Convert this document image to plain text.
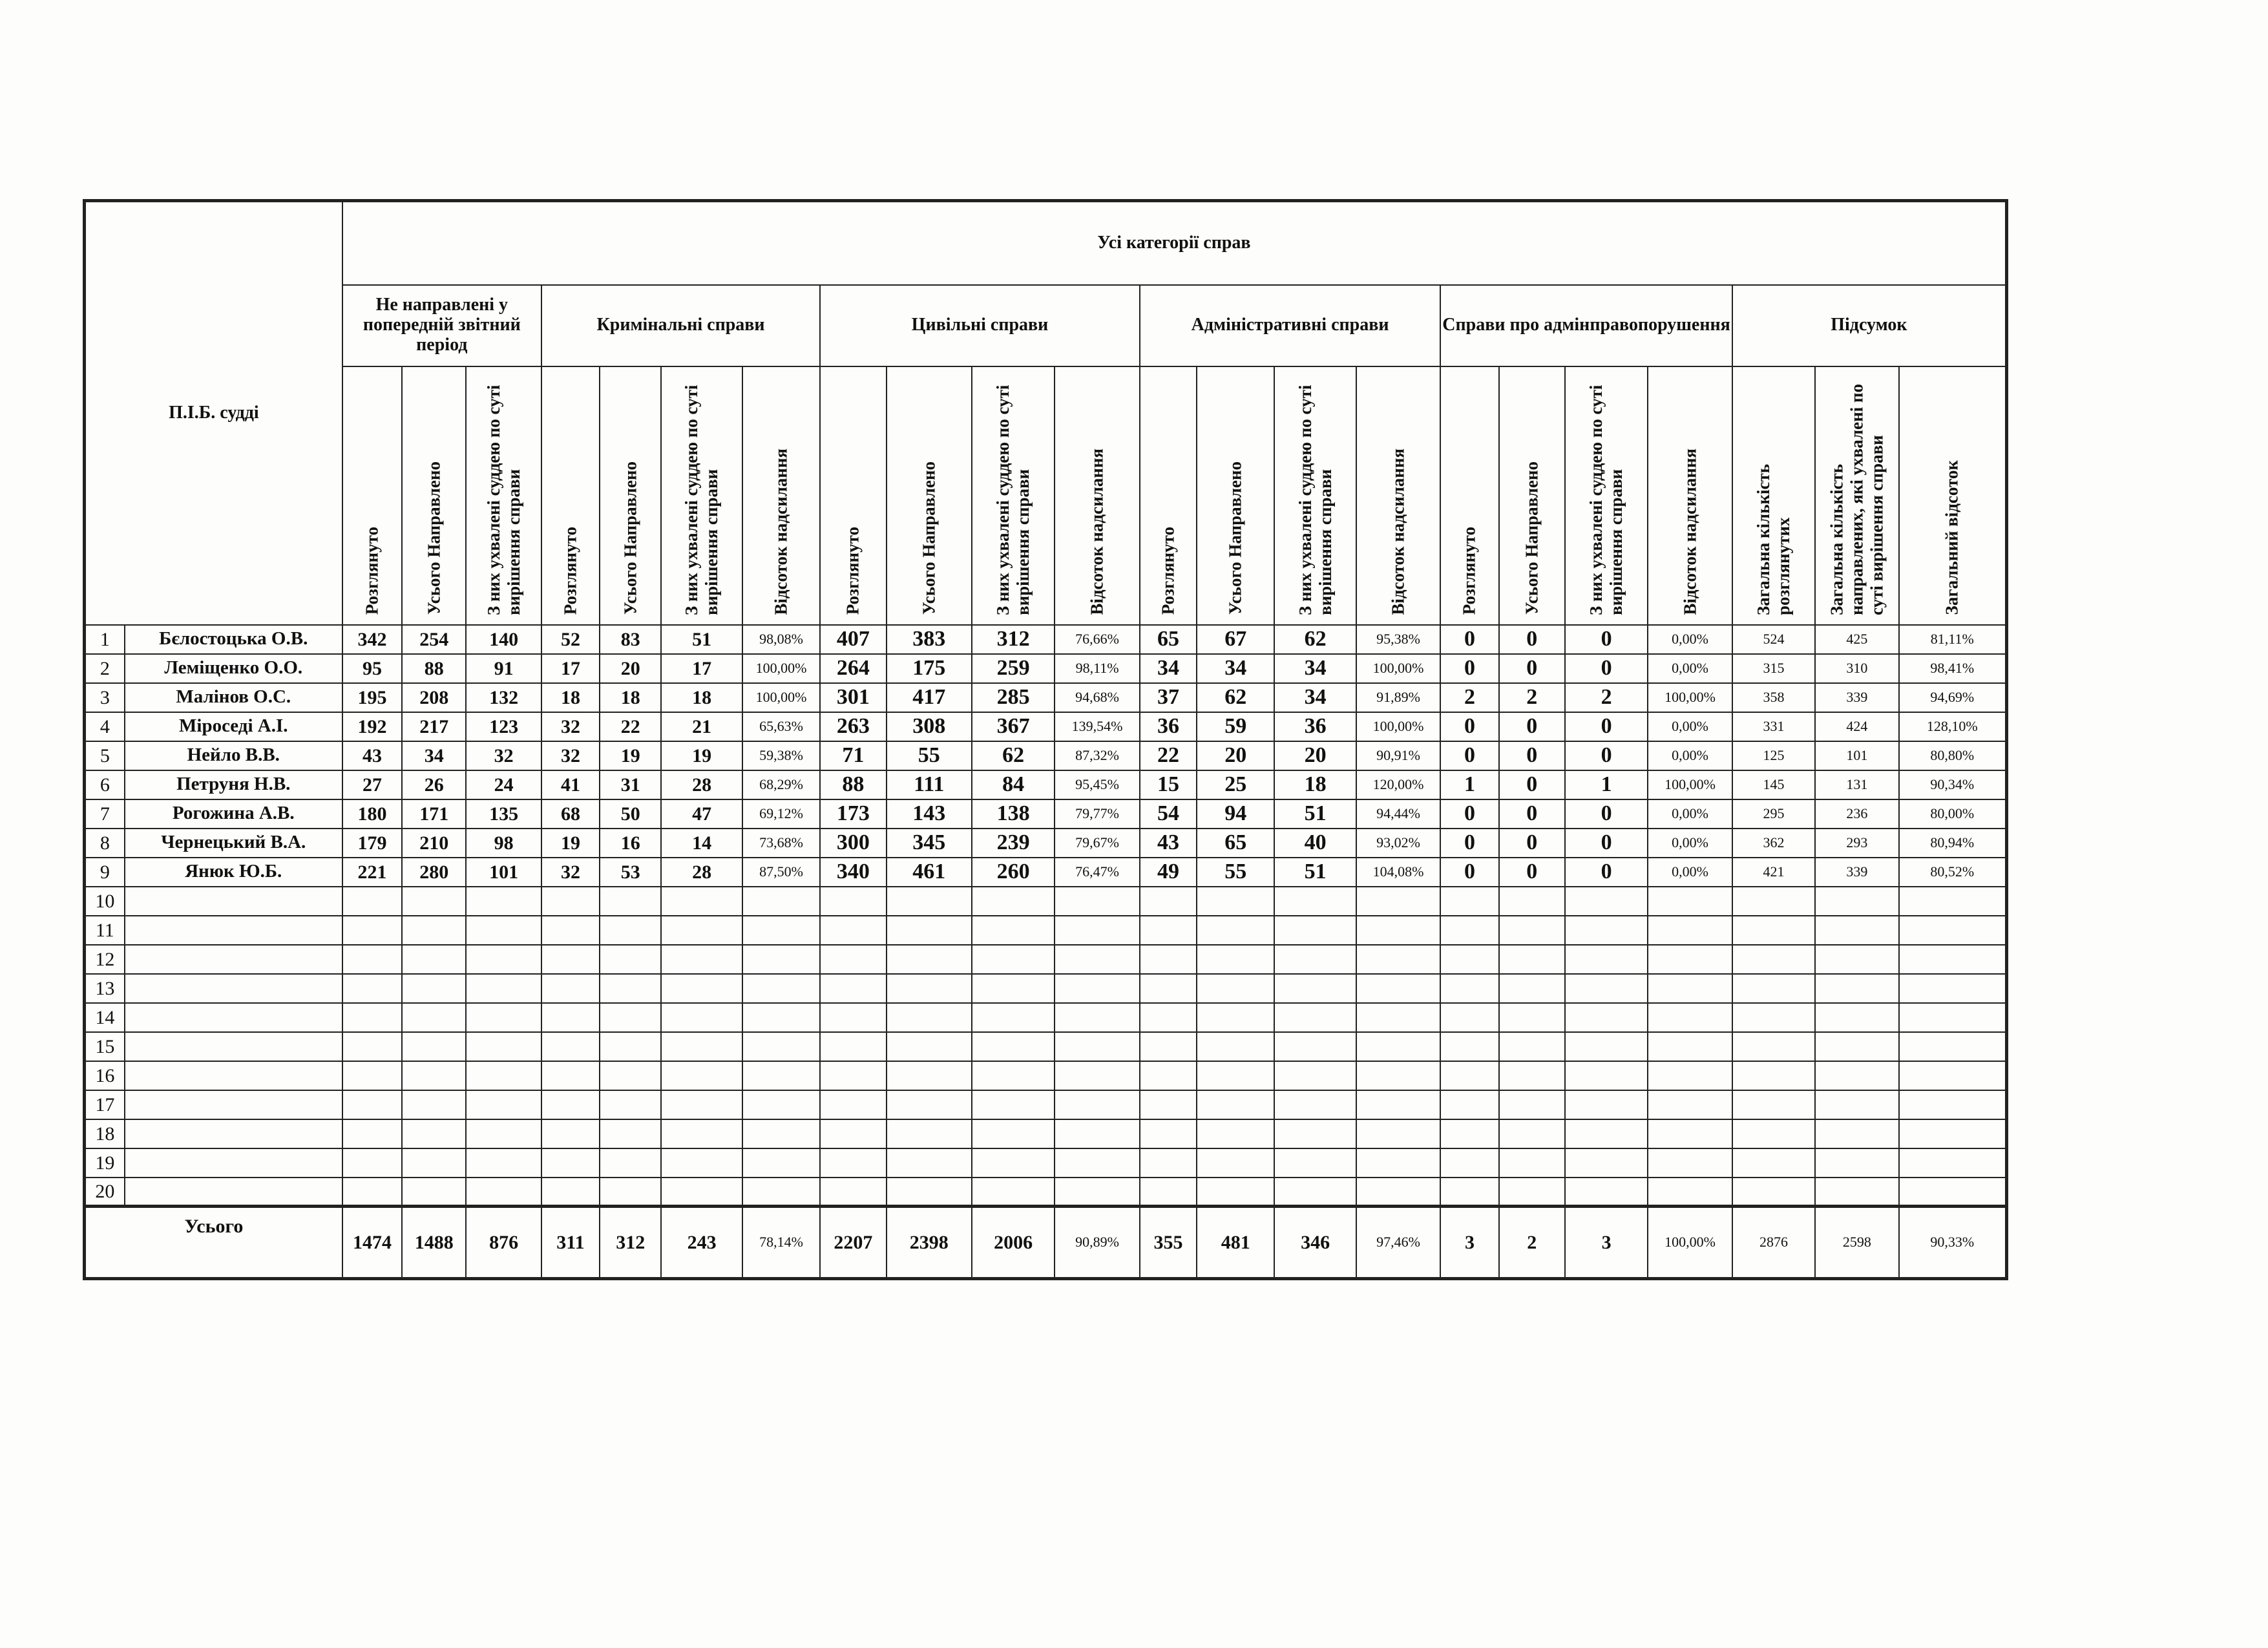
П.І.Б. судді		Усі категорії справ																					
		Не направлені у попередній звітний період			Кримінальні справи				Цивільні справи				Адміністративні справи				Справи про адмінправопорушення				Підсумок		

		Розглянуто	Усього Направлено	З них ухвалені суддею по суті вирішення справи	Розглянуто	Усього Направлено	З них ухвалені суддею по суті вирішення справи	Відсоток надсилання	Розглянуто	Усього Направлено	З них ухвалені суддею по суті вирішення справи	Відсоток надсилання	Розглянуто	Усього Направлено	З них ухвалені суддею по суті вирішення справи	Відсоток надсилання	Розглянуто	Усього Направлено	З них ухвалені суддею по суті вирішення справи	Відсоток надсилання	Загальна кількість розглянутих	Загальна кількість направлених, які ухвалені по суті вирішення справи	Загальний відсоток

1	Бєлостоцька О.В.	342	254	140	52	83	51	98,08%	407	383	312	76,66%	65	67	62	95,38%	0	0	0	0,00%	524	425	81,11%
2	Леміщенко О.О.	95	88	91	17	20	17	100,00%	264	175	259	98,11%	34	34	34	100,00%	0	0	0	0,00%	315	310	98,41%
3	Малінов О.С.	195	208	132	18	18	18	100,00%	301	417	285	94,68%	37	62	34	91,89%	2	2	2	100,00%	358	339	94,69%
4	Міроседі А.І.	192	217	123	32	22	21	65,63%	263	308	367	139,54%	36	59	36	100,00%	0	0	0	0,00%	331	424	128,10%
5	Нейло В.В.	43	34	32	32	19	19	59,38%	71	55	62	87,32%	22	20	20	90,91%	0	0	0	0,00%	125	101	80,80%
6	Петруня Н.В.	27	26	24	41	31	28	68,29%	88	111	84	95,45%	15	25	18	120,00%	1	0	1	100,00%	145	131	90,34%
7	Рогожина А.В.	180	171	135	68	50	47	69,12%	173	143	138	79,77%	54	94	51	94,44%	0	0	0	0,00%	295	236	80,00%
8	Чернецький В.А.	179	210	98	19	16	14	73,68%	300	345	239	79,67%	43	65	40	93,02%	0	0	0	0,00%	362	293	80,94%
9	Янюк Ю.Б.	221	280	101	32	53	28	87,50%	340	461	260	76,47%	49	55	51	104,08%	0	0	0	0,00%	421	339	80,52%
10																							
11																							
12																							
13																							
14																							
15																							
16																							
17																							
18																							
19																							
20																							
Усього		1474	1488	876	311	312	243	78,14%	2207	2398	2006	90,89%	355	481	346	97,46%	3	2	3	100,00%	2876	2598	90,33%
